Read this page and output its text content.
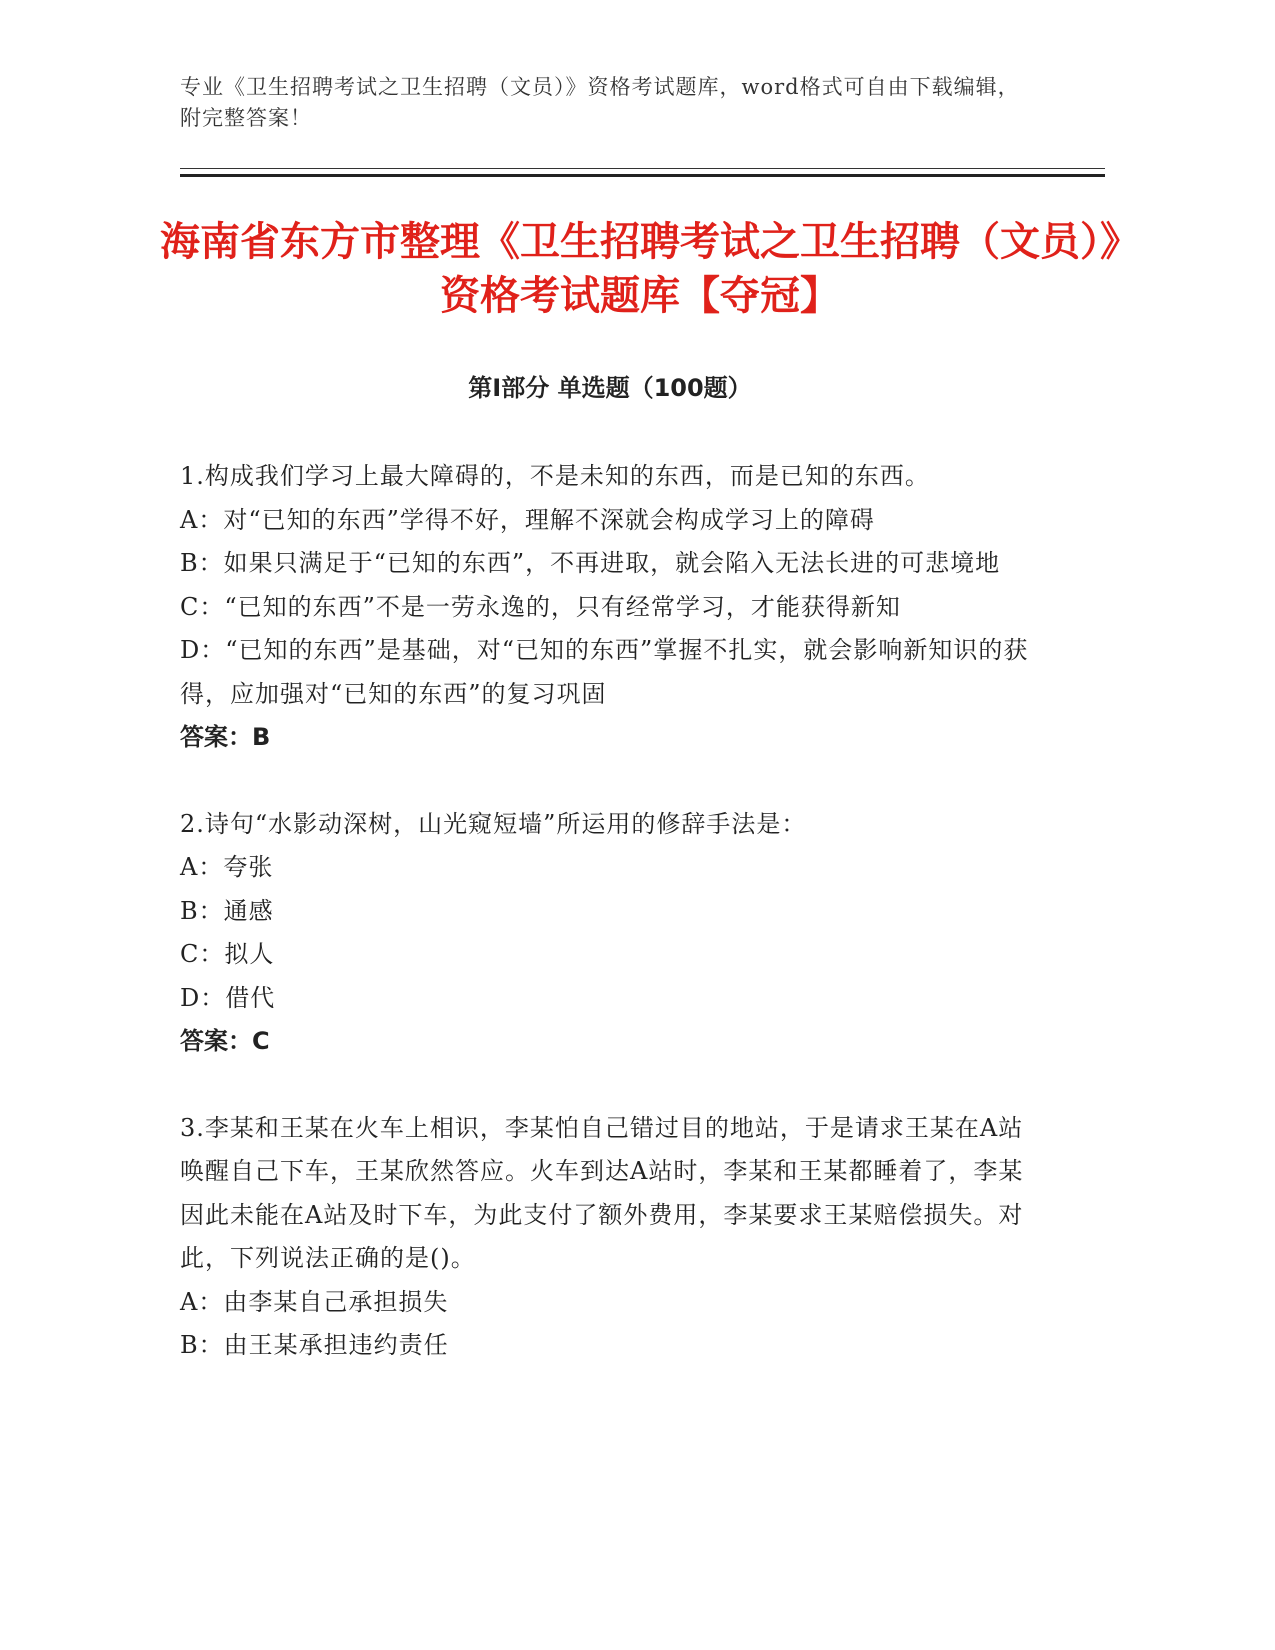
专业《卫生招聘考试之卫生招聘（文员）》资格考试题库，word格式可自由下载编辑，附完整答案！
海南省东方市整理《卫生招聘考试之卫生招聘（文员）》资格考试题库【夺冠】
第Ⅰ部分 单选题（100题）
1.构成我们学习上最大障碍的，不是未知的东西，而是已知的东西。
A：对“已知的东西”学得不好，理解不深就会构成学习上的障碍
B：如果只满足于“已知的东西”，不再进取，就会陷入无法长进的可悲境地
C：“已知的东西”不是一劳永逸的，只有经常学习，才能获得新知
D：“已知的东西”是基础，对“已知的东西”掌握不扎实，就会影响新知识的获得，应加强对“已知的东西”的复习巩固
答案：B
2.诗句“水影动深树，山光窥短墙”所运用的修辞手法是：
A：夸张
B：通感
C：拟人
D：借代
答案：C
3.李某和王某在火车上相识，李某怕自己错过目的地站，于是请求王某在A站唤醒自己下车，王某欣然答应。火车到达A站时，李某和王某都睡着了，李某因此未能在A站及时下车，为此支付了额外费用，李某要求王某赔偿损失。对此，下列说法正确的是()。
A：由李某自己承担损失
B：由王某承担违约责任
